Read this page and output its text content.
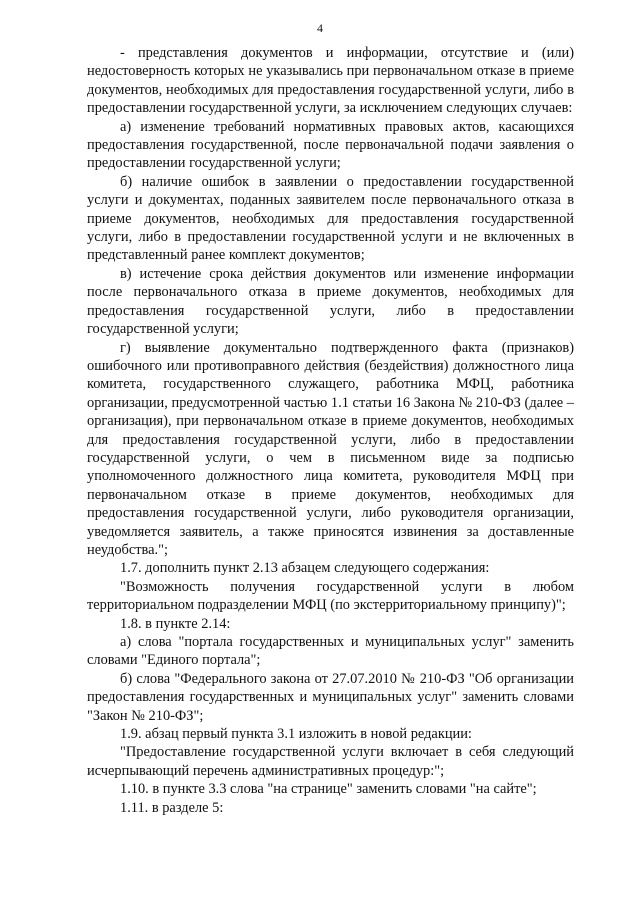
4

- представления документов и информации, отсутствие и (или) недостоверность которых не указывались при первоначальном отказе в приеме документов, необходимых для предоставления государственной услуги, либо в предоставлении государственной услуги, за исключением следующих случаев:

а) изменение требований нормативных правовых актов, касающихся предоставления государственной, после первоначальной подачи заявления о предоставлении государственной услуги;

б) наличие ошибок в заявлении о предоставлении государственной услуги и документах, поданных заявителем после первоначального отказа в приеме документов, необходимых для предоставления государственной услуги, либо в предоставлении государственной услуги и не включенных в представленный ранее комплект документов;

в) истечение срока действия документов или изменение информации после первоначального отказа в приеме документов, необходимых для предоставления государственной услуги, либо в предоставлении государственной услуги;

г) выявление документально подтвержденного факта (признаков) ошибочного или противоправного действия (бездействия) должностного лица комитета, государственного служащего, работника МФЦ, работника организации, предусмотренной частью 1.1 статьи 16 Закона № 210-ФЗ (далее – организация), при первоначальном отказе в приеме документов, необходимых для предоставления государственной услуги, либо в предоставлении государственной услуги, о чем в письменном виде за подписью уполномоченного должностного лица комитета, руководителя МФЦ при первоначальном отказе в приеме документов, необходимых для предоставления государственной услуги, либо руководителя организации, уведомляется заявитель, а также приносятся извинения за доставленные неудобства.";

1.7. дополнить пункт 2.13 абзацем следующего содержания:

"Возможность получения государственной услуги в любом территориальном подразделении МФЦ (по экстерриториальному принципу)";

1.8. в пункте 2.14:

а) слова "портала государственных и муниципальных услуг" заменить словами "Единого портала";

б) слова "Федерального закона от 27.07.2010 № 210-ФЗ "Об организации предоставления государственных и муниципальных услуг" заменить словами "Закон № 210-ФЗ";

1.9. абзац первый пункта 3.1 изложить в новой редакции:

"Предоставление государственной услуги включает в себя следующий исчерпывающий перечень административных процедур:";

1.10. в пункте 3.3 слова "на странице" заменить словами "на сайте";

1.11. в разделе 5:
